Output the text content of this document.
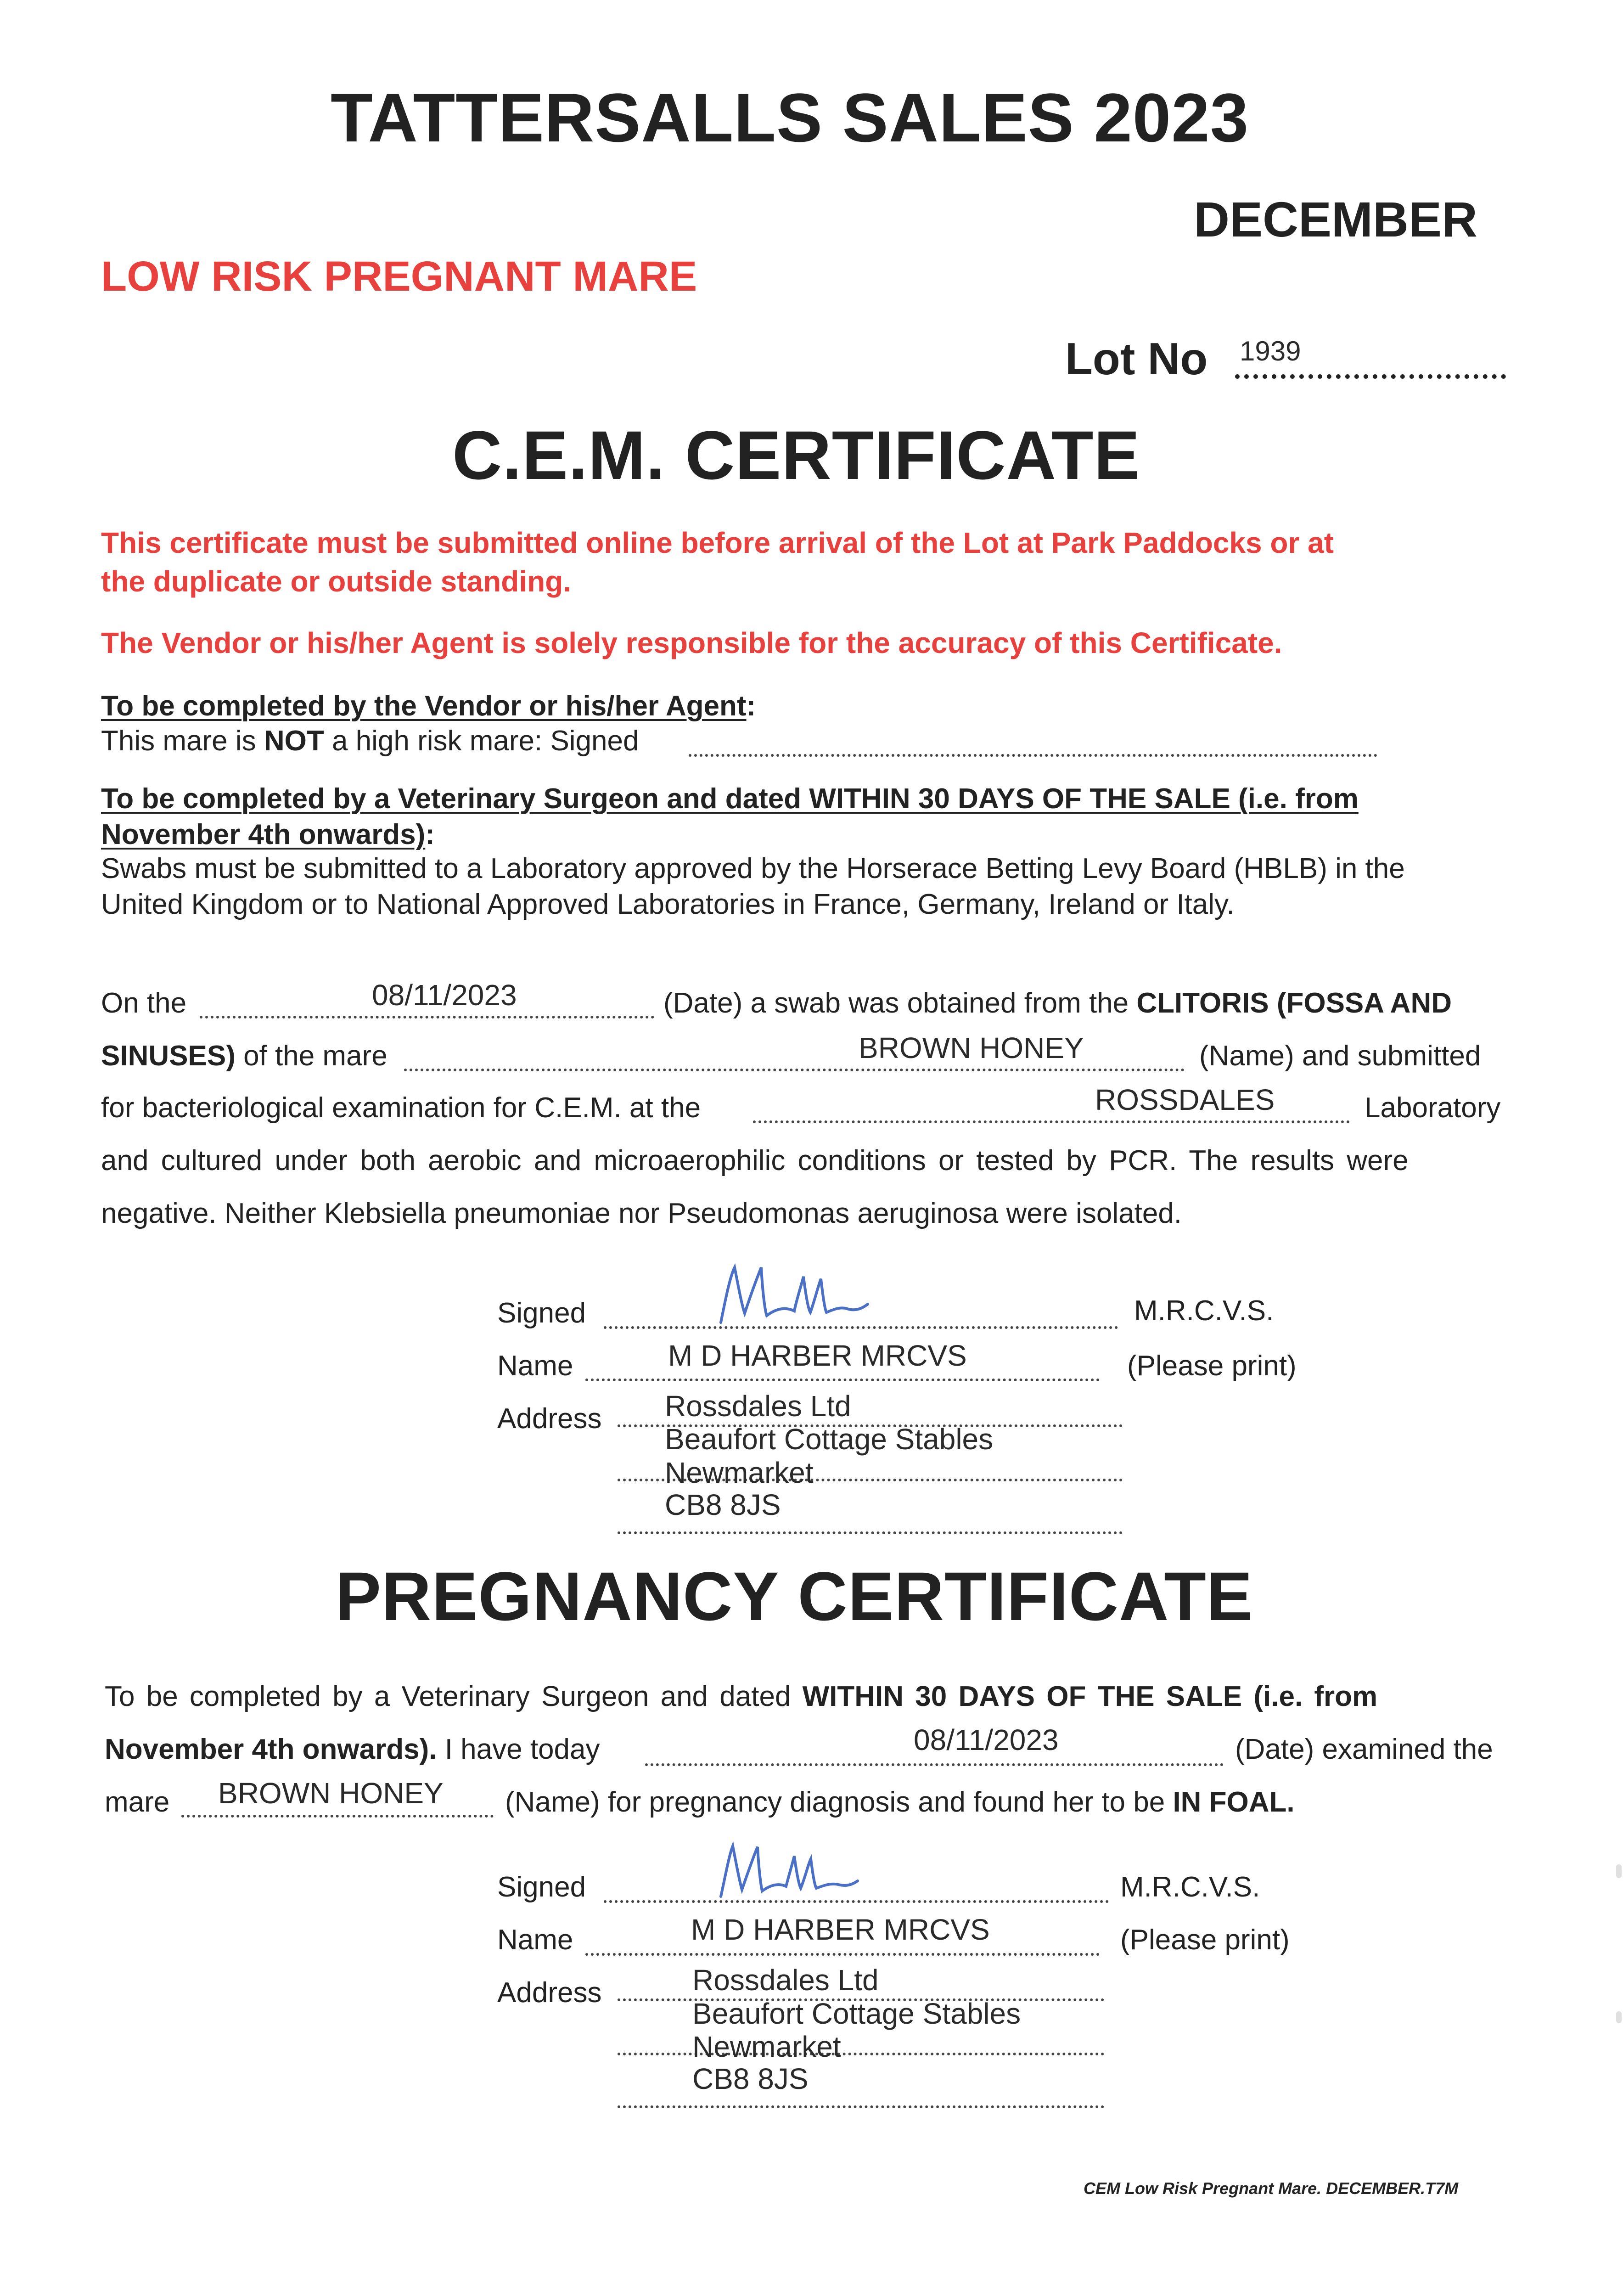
TATTERSALLS SALES 2023
DECEMBER
LOW RISK PREGNANT MARE
Lot No 1939
C.E.M. CERTIFICATE
This certificate must be submitted online before arrival of the Lot at Park Paddocks or at
the duplicate or outside standing.
The Vendor or his/her Agent is solely responsible for the accuracy of this Certificate.
To be completed by the Vendor or his/her Agent:
This mare is NOT a high risk mare: Signed
To be completed by a Veterinary Surgeon and dated WITHIN 30 DAYS OF THE SALE (i.e. from
November 4th onwards):
Swabs must be submitted to a Laboratory approved by the Horserace Betting Levy Board (HBLB) in the
United Kingdom or to National Approved Laboratories in France, Germany, Ireland or Italy.
On the	08/11/2023	(Date) a swab was obtained from the CLITORIS (FOSSA AND
SINUSES) of the mare	BROWN HONEY	(Name) and submitted
for bacteriological examination for C.E.M. at the	ROSSDALES	Laboratory
and cultured under both aerobic and microaerophilic conditions or tested by PCR. The results were
negative. Neither Klebsiella pneumoniae nor Pseudomonas aeruginosa were isolated.
Signed	M.R.C.V.S.
Name	M D HARBER MRCVS	(Please print)
Address Rossdales Ltd
Beaufort Cottage Stables
Newmarket
CB8 8JS
PREGNANCY CERTIFICATE
To be completed by a Veterinary Surgeon and dated WITHIN 30 DAYS OF THE SALE (i.e. from
November 4th onwards). I have today	08/11/2023	(Date) examined the
mare BROWN HONEY (Name) for pregnancy diagnosis and found her to be IN FOAL.
Signed	M.R.C.V.S.
Name	M D HARBER MRCVS	(Please print)
Address	Rossdales Ltd
Beaufort Cottage Stables
Newmarket
CB8 8JS
CEM Low Risk Pregnant Mare. DECEMBER.T7M
